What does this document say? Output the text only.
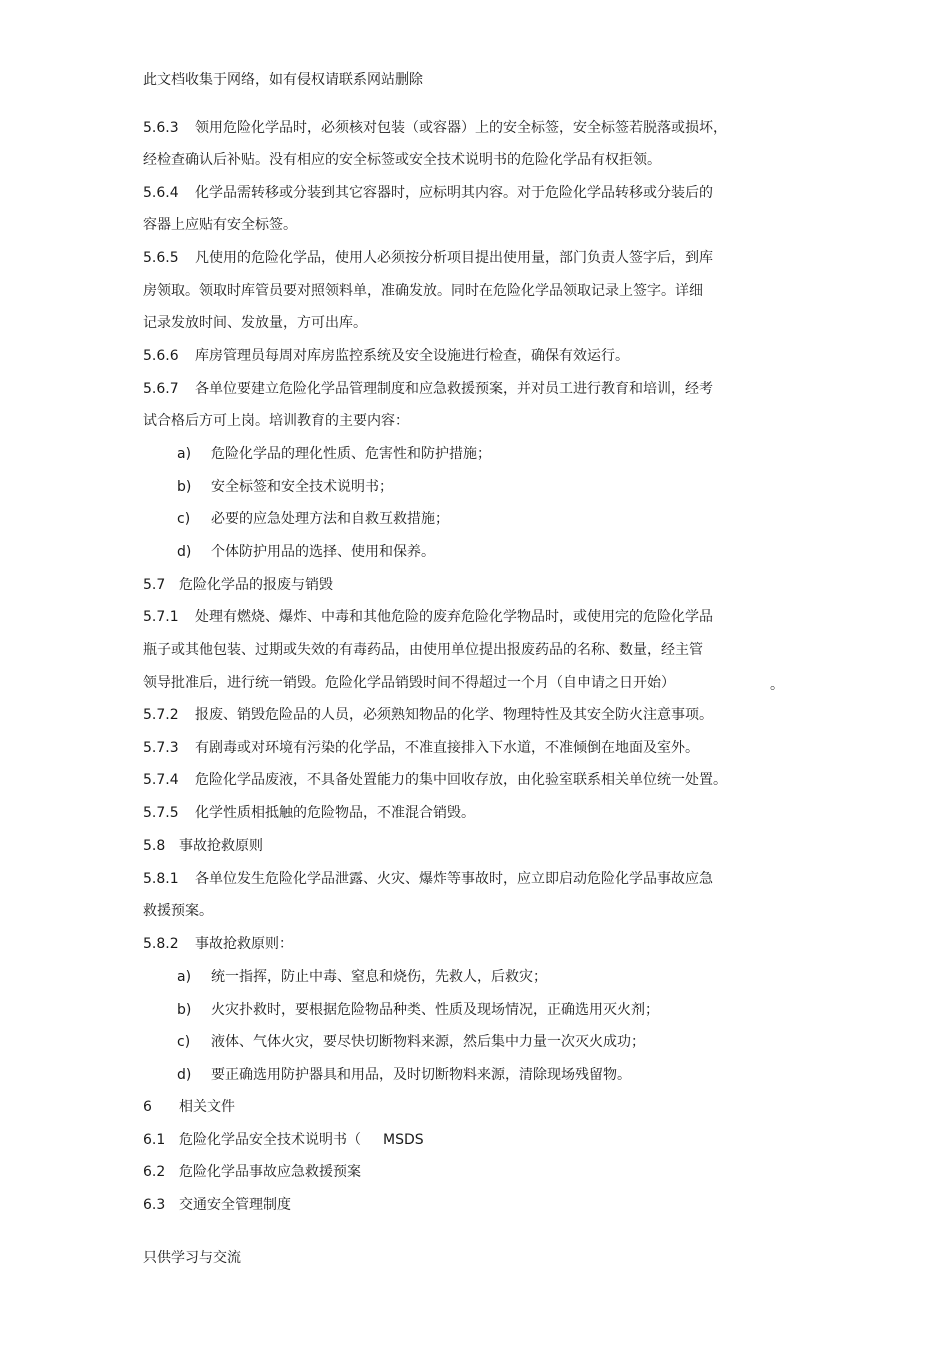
此文档收集于网络，如有侵权请联系网站删除
5.6.3 领用危险化学品时，必须核对包装（或容器）上的安全标签，安全标签若脱落或损坏，
经检查确认后补贴。没有相应的安全标签或安全技术说明书的危险化学品有权拒领。
5.6.4 化学品需转移或分装到其它容器时，应标明其内容。对于危险化学品转移或分装后的
容器上应贴有安全标签。
5.6.5 凡使用的危险化学品，使用人必须按分析项目提出使用量，部门负责人签字后，到库
房领取。领取时库管员要对照领料单，准确发放。同时在危险化学品领取记录上签字。详细
记录发放时间、发放量，方可出库。
5.6.6 库房管理员每周对库房监控系统及安全设施进行检查，确保有效运行。
5.6.7 各单位要建立危险化学品管理制度和应急救援预案，并对员工进行教育和培训，经考
试合格后方可上岗。培训教育的主要内容：
a) 危险化学品的理化性质、危害性和防护措施；
b) 安全标签和安全技术说明书；
c) 必要的应急处理方法和自救互救措施；
d) 个体防护用品的选择、使用和保养。
5.7 危险化学品的报废与销毁
5.7.1 处理有燃烧、爆炸、中毒和其他危险的废弃危险化学物品时，或使用完的危险化学品
瓶子或其他包装、过期或失效的有毒药品，由使用单位提出报废药品的名称、数量，经主管
领导批准后，进行统一销毁。危险化学品销毁时间不得超过一个月（自申请之日开始）	。
5.7.2 报废、销毁危险品的人员，必须熟知物品的化学、物理特性及其安全防火注意事项。
5.7.3 有剧毒或对环境有污染的化学品，不准直接排入下水道，不准倾倒在地面及室外。
5.7.4 危险化学品废液，不具备处置能力的集中回收存放，由化验室联系相关单位统一处置。
5.7.5 化学性质相抵触的危险物品，不准混合销毁。
5.8 事故抢救原则
5.8.1 各单位发生危险化学品泄露、火灾、爆炸等事故时，应立即启动危险化学品事故应急
救援预案。
5.8.2 事故抢救原则：
a) 统一指挥，防止中毒、窒息和烧伤，先救人，后救灾；
b) 火灾扑救时，要根据危险物品种类、性质及现场情况，正确选用灭火剂；
c) 液体、气体火灾，要尽快切断物料来源，然后集中力量一次灭火成功；
d) 要正确选用防护器具和用品，及时切断物料来源，清除现场残留物。
6 相关文件
6.1 危险化学品安全技术说明书（ MSDS
6.2 危险化学品事故应急救援预案
6.3 交通安全管理制度
只供学习与交流
